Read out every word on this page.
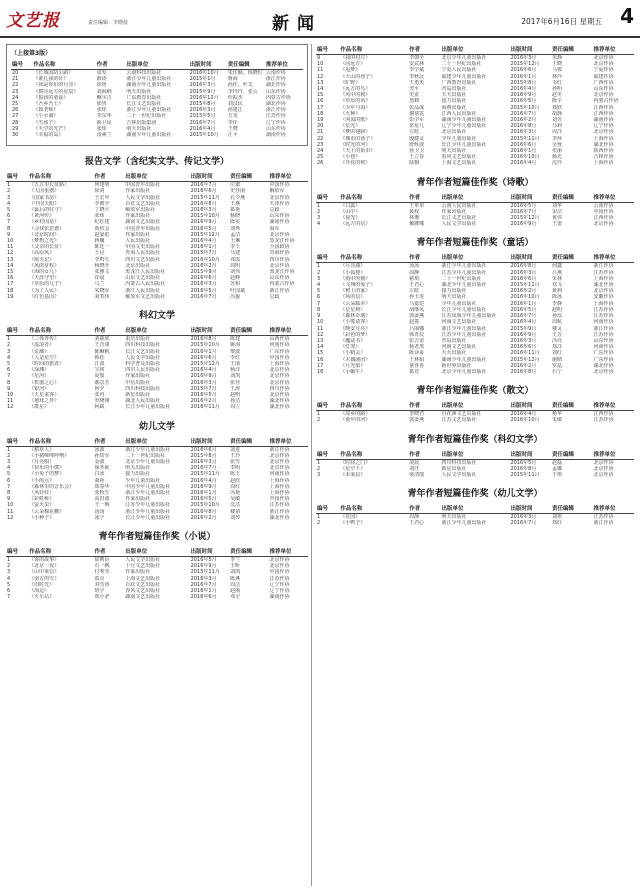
文艺报	责任编辑：李晓晨	新闻	2017年6月16日 星期五 4
（上接第3版）
编号	作品名称	作者	出版单位	出版时间	责任编辑	推荐单位
20	《长城国防公路》	周发	云南科技出版社	2016年10月	朱佳颖，杨晓红	云南作协
21	《谁扎我的针》	薛涛	浙江少年儿童出版社	2015年1月	蒋海	浙江作协
22	《我是你们的月亮》	徐鲁	湖南少年儿童出版社	2016年3月	孙佳，叶艾	湖北作协
23	《擦亮远方的星辰》	刘海栖	明天出版社	2015年9月	李玲玲，张云	山东作协
24	《狼孩的童谣》	鲍尔吉	广东教育出版社	2016年12月	杜振杰	内蒙古作协
25	《吾乡吾土》	徐鲁	长江文艺出版社	2015年8月	刘汉民	湖北作协
26	《致老师》	张炜	浙江少年儿童出版社	2016年3月	孙建江	浙江作协
27	《小水滴》	李东华	二十一世纪出版社	2015年5月	方雯	江苏作协
28	《雪孩子》	薛卫民	吉林出版集团	2016年7月	李佳	辽宁作协
29	《天空的光芒》	张炜	明天出版社	2016年4月	王晓	山东作协
30	《幸福的岛》	汤素兰	湖南少年儿童出版社	2015年10月	汪平	湖南作协
报告文学（含纪实文学、传记文学）
编号	作品名称	作者	出版单位	出版时间	责任编辑	推荐单位
1	《五万里长征路》	何建明	中国青年出版社	2016年7月	庄庸	中国作协
2	《大国重器》	徐剑	作家出版社	2016年6月	史佳丽	解放军
3	《国家书房》	王宏甲	人民文学出版社	2015年11月	孔令燕	北京作协
4	《中国天眼》	李朝全	百花文艺出版社	2016年8月	王燕	天津作协
5	《最后的驻守》	丁晓平	解放军出版社	2016年3月	葛艳	总政
6	《黄河传》	张炜	作家出版社	2015年10月	杨晓	山东作协
7	《乡村国是》	纪红建	湖南文艺出版社	2016年9月	陈实	湖南作协
8	《寻找张思德》	黄传会	中国青年出版社	2016年5月	刘秀	海军
9	《北京时间》	赵晏彪	作家出版社	2015年12月	孟洁	北京作协
10	《梦想之光》	蒋巍	人民出版社	2016年4月	王琳	黑龙江作协
11	《父亲的长征》	陈廷一	中国文史出版社	2016年1月	李玉	全国政协
12	《高原风》	王昆	青海人民出版社	2015年7月	马建	青海作协
13	《航天记》	李鸣生	四川文艺出版社	2016年10月	邓霞	四川作协
14	《风雨征程》	杨晓升	北京出版社	2016年2月	周明	北京作协
15	《海的女儿》	张雅文	黑龙江人民出版社	2015年9月	刘伟	黑龙江作协
16	《天涯守望》	许晨	山东文艺出版社	2016年6月	赵峰	山东作协
17	《草原的儿子》	乌兰	内蒙古人民出版社	2016年3月	苏和	内蒙古作协
18	《为了人民》	朱晓军	浙江人民出版社	2016年5月	叶国斌	浙江作协
19	《红色基因》	刘笑伟	解放军文艺出版社	2016年7月	冯俊	总政
科幻文学
编号	作品名称	作者	出版单位	出版时间	责任编辑	推荐单位
1	《三体外传》	刘慈欣	重庆出版社	2016年8月	陈建	山西作协
2	《流浪者》	王晋康	四川科技出版社	2015年10月	姚海	河南作协
3	《荒潮》	陈楸帆	长江文艺出版社	2016年1月	黎波	广东作协
4	《人造星空》	韩松	人民文学出版社	2016年6月	李红	中国作协
5	《时间的旅者》	江波	科学普及出版社	2015年12月	王丽	上海作协
6	《深渊》	宝树	四川人民出版社	2016年4月	杨洋	北京作协
7	《星河》	夏笳	作家出版社	2016年9月	刘凯	北京作协
8	《机器之心》	郝景芳	中信出版社	2016年3月	张佳	北京作协
9	《银河》	何夕	四川科技出版社	2015年7月	王涛	四川作协
10	《火星来客》	张冉	新星出版社	2016年5月	赵明	北京作协
11	《地球之外》	罗隆翔	湖北人民出版社	2016年2月	孙洁	湖北作协
12	《群星》	阿缺	长江少年儿童出版社	2016年11月	周立	湖北作协
幼儿文学
编号	作品名称	作者	出版单位	出版时间	责任编辑	推荐单位
1	《稻草人》	冰波	浙江少年儿童出版社	2016年6月	刘进	浙江作协
2	《小猪唏哩呼噜》	孙幼军	二十一世纪出版社	2015年8月	王玲	北京作协
3	《月亮船》	金波	北京少年儿童出版社	2016年3月	张雪	北京作协
4	《快乐的小熊》	保冬妮	明天出版社	2016年7月	李明	北京作协
5	《小兔子的梦》	白冰	接力出版社	2015年11月	陈玉	河南作协
6	《小雨点》	萧萍	少年儿童出版社	2016年4月	赵欣	上海作协
7	《森林里的音乐会》	郑春华	中国少年儿童出版社	2016年9月	周红	上海作协
8	《风娃娃》	张秋生	浙江少年儿童出版社	2016年1月	冯艳	上海作协
9	《彩虹桥》	高洪波	作家出版社	2016年5月	吴敏	中国作协
10	《萤火虫》	王一梅	江苏少年儿童出版社	2015年10月	沈洁	江苏作协
11	《云朵棉花糖》	汤汤	浙江少年儿童出版社	2016年8月	楼倩	浙江作协
12	《小种子》	冰子	长江少年儿童出版社	2016年2月	刘琴	湖北作协
青年作者短篇佳作奖（小说）
编号	作品名称	作者	出版单位	出版时间	责任编辑	推荐单位
1	《雾的故事》	徐则臣	人民文学出版社	2016年5月	李兰	北京作协
2	《北京一夜》	石一枫	十月文艺出版社	2016年9月	王昕	北京作协
3	《山中来信》	付秀莹	作家出版社	2015年11月	刘凯	中国作协
4	《南方的雪》	葛亮	上海文艺出版社	2016年3月	陈燕	江苏作协
5	《旧时光》	双雪涛	百花文艺出版社	2016年7月	周洁	辽宁作协
6	《海边》	班宇	春风文艺出版社	2016年1月	赵丽	辽宁作协
7	《火车站》	郑小驴	湖南文艺出版社	2016年6月	邓宇	湖南作协
编号	作品名称	作者	出版单位	出版时间	责任编辑	推荐单位
9	《我的村庄》	李朝全	北京少年儿童出版社	2016年3月	朱静	北京作协
10	《向远方》	安武林	二十一世纪出版社	2015年12月	王晓	北京作协
11	《追梦》	李学斌	宁夏人民出版社	2016年6月	马骏	宁夏作协
12	《大山的孩子》	李秋沅	福建少年儿童出版社	2016年1月	林玲	福建作协
13	《旷野》	王勇英	广西教育出版社	2015年8月	韦红	广西作协
14	《远方的鸟》	翌平	青岛出版社	2016年4月	孙明	山东作协
15	《风中的树》	史雷	天天出版社	2016年9月	赵冬	北京作协
16	《草原的风》	黑鹤	接力出版社	2016年5月	陈宇	内蒙古作协
17	《少年与海》	张品成	海燕出版社	2015年10月	郑欣	江西作协
18	《火种》	谢倩霓	江西人民出版社	2016年7月	胡静	江西作协
19	《河流的歌》	彭学军	湖南少年儿童出版社	2016年2月	刘芳	湖南作协
20	《星光》	常星儿	辽宁少年儿童出版社	2016年8月	马莉	辽宁作协
21	《梦的翅膀》	左昡	北京出版社	2016年3月	周洋	北京作协
22	《城市的孩子》	殷健灵	少年儿童出版社	2015年11月	李萍	上海作协
23	《时光的河》	舒辉波	长江少年儿童出版社	2016年6月	吴蓉	湖北作协
24	《天上的街市》	孙卫卫	明天出版社	2016年1月	张丽	陕西作协
25	《小巷》	王立春	春风文艺出版社	2016年10月	杨光	吉林作协
26	《开花的树》	陆梅	上海文艺出版社	2016年4月	沈玲	上海作协
青年作者短篇佳作奖（诗歌）
编号	作品名称	作者	出版单位	出版时间	责任编辑	推荐单位
1	《白露》	王单单	云南人民出版社	2016年5月	刘华	云南作协
2	《山中》	聂权	作家出版社	2016年7月	宋洁	中国作协
3	《晨光》	林珊	长江文艺出版社	2015年12月	黄伟	江西作协
4	《远方的信》	戴潍娜	人民文学出版社	2016年9月	王蕾	北京作协
青年作者短篇佳作奖（童话）
编号	作品名称	作者	出版单位	出版时间	责任编辑	推荐单位
1	《月亮湖》	汤汤	浙江少年儿童出版社	2016年8月	何鑫	浙江作协
2	《小狐狸》	周静	江苏少年儿童出版社	2016年3月	吕燕	江苏作协
3	《雨中的猫》	慈琪	二十一世纪出版社	2016年6月	朱林	上海作协
4	《飞翔的兔子》	王君心	湖北少年儿童出版社	2015年11月	邓飞	湖北作协
5	《树上的家》	左昡	接力出版社	2016年2月	黄莉	北京作协
6	《风的信》	孙玉虎	明天出版社	2016年10月	陈冰	安徽作协
7	《云朵邮差》	马嘉恺	少年儿童出版社	2016年1月	李静	上海作协
8	《星星树》	胡继风	长江少年儿童出版社	2016年5月	赵明	江苏作协
9	《森林奇遇》	郭姜燕	江苏凤凰少年儿童出版社	2016年7月	孙瑶	江苏作协
10	《小熊请客》	赵菱	河南文艺出版社	2016年4月	周航	河南作协
11	《晚安月亮》	吕丽娜	浙江少年儿童出版社	2015年9月	楼灵	浙江作协
12	《彩色的梦》	韩青辰	江苏少年儿童出版社	2016年9月	王芳	江苏作协
13	《魔法书》	张吉宙	青岛出版社	2016年3月	冯亮	山东作协
14	《灯笼》	杨老黑	河南文艺出版社	2016年6月	郑洋	河南作协
15	《小精灵》	陈诗哥	天天出版社	2016年11月	刘红	广东作协
16	《木偶剧团》	王林柏	湖南少年儿童出版社	2015年12月	谢晴	广东作协
17	《月光船》	童喜喜	新世界出版社	2016年2月	罗晶	湖北作协
18	《小蜗牛》	葛竞	北京少年儿童出版社	2016年8月	石宁	北京作协
青年作者短篇佳作奖（散文）
编号	作品名称	作者	出版单位	出版时间	责任编辑	推荐单位
1	《故乡的路》	李晓君	百花洲文艺出版社	2016年4月	杨华	江西作协
2	《童年的河》	郭姜燕	江苏文艺出版社	2016年10月	朱敏	江苏作协
青年作者短篇佳作奖（科幻文学）
编号	作品名称	作者	出版单位	出版时间	责任编辑	推荐单位
1	《时间之门》	凌晨	四川科技出版社	2016年5月	赵磊	北京作协
2	《星空下》	刘洋	新星出版社	2016年8月	孟娜	北京作协
3	《未来信》	梁清散	人民文学出版社	2015年11月	于琪	北京作协
青年作者短篇佳作奖（幼儿文学）
编号	作品名称	作者	出版单位	出版时间	责任编辑	推荐单位
1	《花园》	周静	明天出版社	2016年3月	刘艳	江苏作协
2	《小鸭子》	王君心	浙江少年儿童出版社	2016年7月	郑红	浙江作协
